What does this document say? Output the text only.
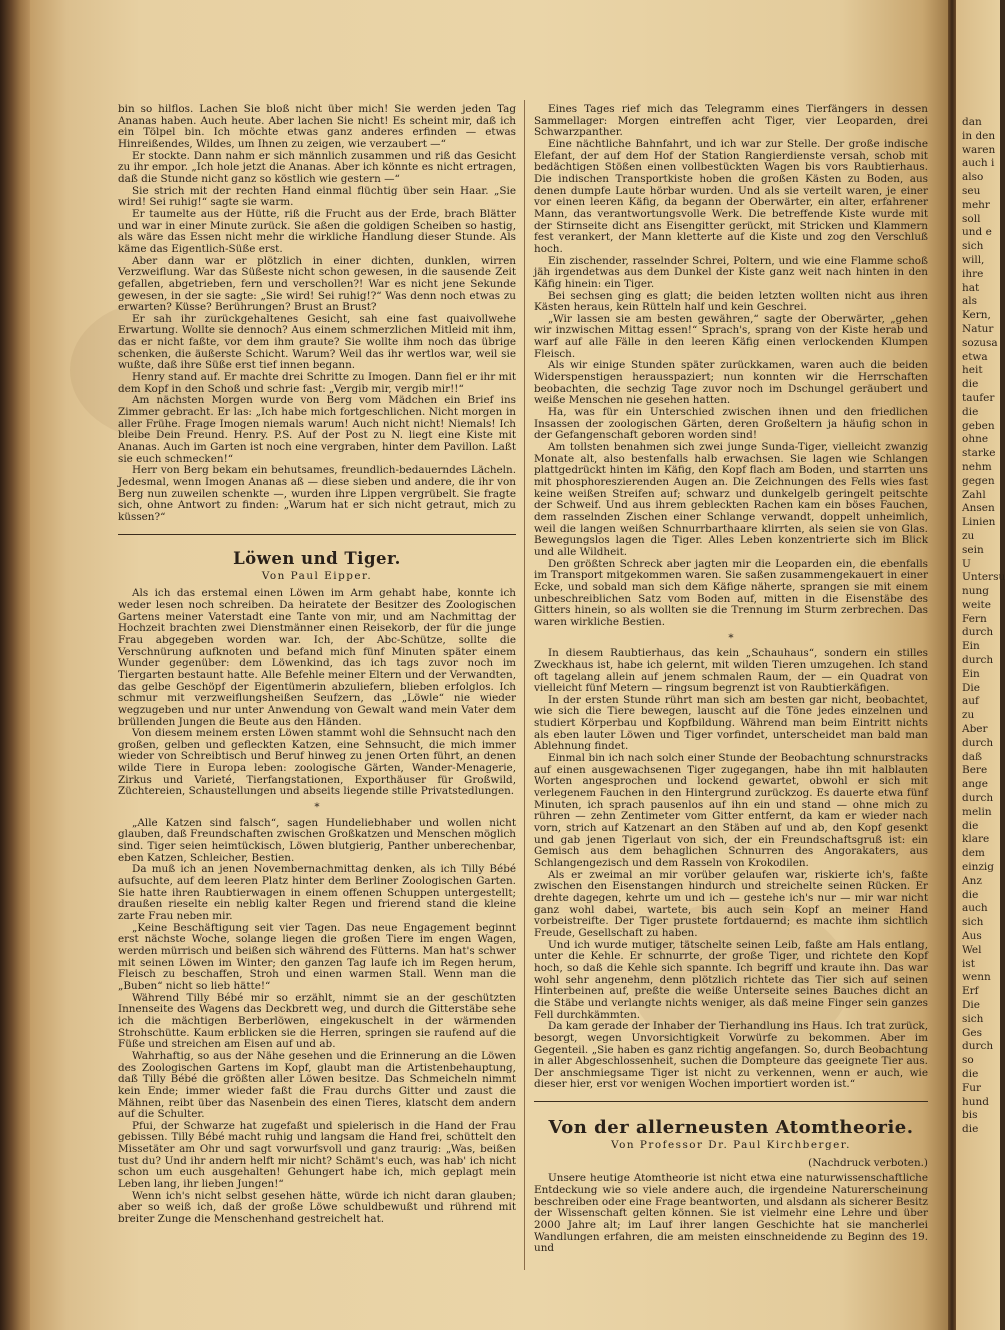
bin so hilflos. Lachen Sie bloß nicht über mich! Sie werden jeden Tag Ananas haben. Auch heute. Aber lachen Sie nicht! Es scheint mir, daß ich ein Tölpel bin. Ich möchte etwas ganz anderes erfinden — etwas Hinreißendes, Wildes, um Ihnen zu zeigen, wie verzaubert —“

Er stockte. Dann nahm er sich männlich zusammen und riß das Gesicht zu ihr empor. „Ich hole jetzt die Ananas. Aber ich könnte es nicht ertragen, daß die Stunde nicht ganz so köstlich wie gestern —“

Sie strich mit der rechten Hand einmal flüchtig über sein Haar. „Sie wird! Sei ruhig!“ sagte sie warm.

Er taumelte aus der Hütte, riß die Frucht aus der Erde, brach Blätter und war in einer Minute zurück. Sie aßen die goldigen Scheiben so hastig, als wäre das Essen nicht mehr die wirkliche Handlung dieser Stunde. Als käme das Eigentlich-Süße erst.

Aber dann war er plötzlich in einer dichten, dunklen, wirren Verzweiflung. War das Süßeste nicht schon gewesen, in die sausende Zeit gefallen, abgetrieben, fern und verschollen?! War es nicht jene Sekunde gewesen, in der sie sagte: „Sie wird! Sei ruhig!?“ Was denn noch etwas zu erwarten? Küsse? Berührungen? Brust an Brust?

Er sah ihr zurückgehaltenes Gesicht, sah eine fast quaivollwehe Erwartung. Wollte sie dennoch? Aus einem schmerzlichen Mitleid mit ihm, das er nicht faßte, vor dem ihm graute? Sie wollte ihm noch das übrige schenken, die äußerste Schicht. Warum? Weil das ihr wertlos war, weil sie wußte, daß ihre Süße erst tief innen begann.

Henry stand auf. Er machte drei Schritte zu Imogen. Dann fiel er ihr mit dem Kopf in den Schoß und schrie fast: „Vergib mir, vergib mir!!“

Am nächsten Morgen wurde von Berg vom Mädchen ein Brief ins Zimmer gebracht. Er las: „Ich habe mich fortgeschlichen. Nicht morgen in aller Frühe. Frage Imogen niemals warum! Auch nicht nicht! Niemals! Ich bleibe Dein Freund. Henry. P.S. Auf der Post zu N. liegt eine Kiste mit Ananas. Auch im Garten ist noch eine vergraben, hinter dem Pavillon. Laßt sie euch schmecken!“

Herr von Berg bekam ein behutsames, freundlich-bedauerndes Lächeln. Jedesmal, wenn Imogen Ananas aß — diese sieben und andere, die ihr von Berg nun zuweilen schenkte —, wurden ihre Lippen vergrübelt. Sie fragte sich, ohne Antwort zu finden: „Warum hat er sich nicht getraut, mich zu küssen?“

Löwen und Tiger.
Von Paul Eipper.

Als ich das erstemal einen Löwen im Arm gehabt habe, konnte ich weder lesen noch schreiben. Da heiratete der Besitzer des Zoologischen Gartens meiner Vaterstadt eine Tante von mir, und am Nachmittag der Hochzeit brachten zwei Dienstmänner einen Reisekorb, der für die junge Frau abgegeben worden war. Ich, der Abc-Schütze, sollte die Verschnürung aufknoten und befand mich fünf Minuten später einem Wunder gegenüber: dem Löwenkind, das ich tags zuvor noch im Tiergarten bestaunt hatte. Alle Befehle meiner Eltern und der Verwandten, das gelbe Geschöpf der Eigentümerin abzuliefern, blieben erfolglos. Ich schmur mit verzweiflungsheißen Seufzern, das „Löwle“ nie wieder wegzugeben und nur unter Anwendung von Gewalt wand mein Vater dem brüllenden Jungen die Beute aus den Händen.

Von diesem meinem ersten Löwen stammt wohl die Sehnsucht nach den großen, gelben und gefleckten Katzen, eine Sehnsucht, die mich immer wieder von Schreibtisch und Beruf hinweg zu jenen Orten führt, an denen wilde Tiere in Europa leben: zoologische Gärten, Wander-Menagerie, Zirkus und Varieté, Tierfangstationen, Exporthäuser für Großwild, Züchtereien, Schaustellungen und abseits liegende stille Privatstedlungen.

*

„Alle Katzen sind falsch“, sagen Hundeliebhaber und wollen nicht glauben, daß Freundschaften zwischen Großkatzen und Menschen möglich sind. Tiger seien heimtückisch, Löwen blutgierig, Panther unberechenbar, eben Katzen, Schleicher, Bestien.

Da muß ich an jenen Novembernachmittag denken, als ich Tilly Bébé aufsuchte, auf dem leeren Platz hinter dem Berliner Zoologischen Garten. Sie hatte ihren Raubtierwagen in einem offenen Schuppen untergestellt; draußen rieselte ein neblig kalter Regen und frierend stand die kleine zarte Frau neben mir.

„Keine Beschäftigung seit vier Tagen. Das neue Engagement beginnt erst nächste Woche, solange liegen die großen Tiere im engen Wagen, werden mürrisch und beißen sich während des Fütterns. Man hat's schwer mit seinen Löwen im Winter; den ganzen Tag laufe ich im Regen herum, Fleisch zu beschaffen, Stroh und einen warmen Stall. Wenn man die „Buben“ nicht so lieb hätte!“

Während Tilly Bébé mir so erzählt, nimmt sie an der geschützten Innenseite des Wagens das Deckbrett weg, und durch die Gitterstäbe sehe ich die mächtigen Berberlöwen, eingekuschelt in der wärmenden Strohschütte. Kaum erblicken sie die Herren, springen sie raufend auf die Füße und streichen am Eisen auf und ab.

Wahrhaftig, so aus der Nähe gesehen und die Erinnerung an die Löwen des Zoologischen Gartens im Kopf, glaubt man die Artistenbehauptung, daß Tilly Bébé die größten aller Löwen besitze. Das Schmeicheln nimmt kein Ende; immer wieder faßt die Frau durchs Gitter und zaust die Mähnen, reibt über das Nasenbein des einen Tieres, klatscht dem andern auf die Schulter.

Pfui, der Schwarze hat zugefaßt und spielerisch in die Hand der Frau gebissen. Tilly Bébé macht ruhig und langsam die Hand frei, schüttelt den Missetäter am Ohr und sagt vorwurfsvoll und ganz traurig: „Was, beißen tust du? Und ihr andern helft mir nicht? Schämt's euch, was hab' ich nicht schon um euch ausgehalten! Gehungert habe ich, mich geplagt mein Leben lang, ihr lieben Jungen!“

Wenn ich's nicht selbst gesehen hätte, würde ich nicht daran glauben; aber so weiß ich, daß der große Löwe schuldbewußt und rührend mit breiter Zunge die Menschenhand gestreichelt hat.

Eines Tages rief mich das Telegramm eines Tierfängers in dessen Sammellager: Morgen eintreffen acht Tiger, vier Leoparden, drei Schwarzpanther.

Eine nächtliche Bahnfahrt, und ich war zur Stelle. Der große indische Elefant, der auf dem Hof der Station Rangierdienste versah, schob mit bedächtigen Stößen einen vollbestückten Wagen bis vors Raubtierhaus. Die indischen Transportkiste hoben die großen Kästen zu Boden, aus denen dumpfe Laute hörbar wurden. Und als sie verteilt waren, je einer vor einen leeren Käfig, da begann der Oberwärter, ein alter, erfahrener Mann, das verantwortungsvolle Werk. Die betreffende Kiste wurde mit der Stirnseite dicht ans Eisengitter gerückt, mit Stricken und Klammern fest verankert, der Mann kletterte auf die Kiste und zog den Verschluß hoch.

Ein zischender, rasselnder Schrei, Poltern, und wie eine Flamme schoß jäh irgendetwas aus dem Dunkel der Kiste ganz weit nach hinten in den Käfig hinein: ein Tiger.

Bei sechsen ging es glatt; die beiden letzten wollten nicht aus ihren Kästen heraus, kein Rütteln half und kein Geschrei.

„Wir lassen sie am besten gewähren,“ sagte der Oberwärter, „gehen wir inzwischen Mittag essen!“ Sprach's, sprang von der Kiste herab und warf auf alle Fälle in den leeren Käfig einen verlockenden Klumpen Fleisch.

Als wir einige Stunden später zurückkamen, waren auch die beiden Widerspenstigen herausspaziert; nun konnten wir die Herrschaften beobachten, die sechzig Tage zuvor noch im Dschungel geräubert und weiße Menschen nie gesehen hatten.

Ha, was für ein Unterschied zwischen ihnen und den friedlichen Insassen der zoologischen Gärten, deren Großeltern ja häufig schon in der Gefangenschaft geboren worden sind!

Am tollsten benahmen sich zwei junge Sunda-Tiger, vielleicht zwanzig Monate alt, also bestenfalls halb erwachsen. Sie lagen wie Schlangen plattgedrückt hinten im Käfig, den Kopf flach am Boden, und starrten uns mit phosphoreszierenden Augen an. Die Zeichnungen des Fells wies fast keine weißen Streifen auf; schwarz und dunkelgelb geringelt peitschte der Schweif. Und aus ihrem gebleckten Rachen kam ein böses Fauchen, dem rasselnden Zischen einer Schlange verwandt, doppelt unheimlich, weil die langen weißen Schnurrbarthaare klirrten, als seien sie von Glas. Bewegungslos lagen die Tiger. Alles Leben konzentrierte sich im Blick und alle Wildheit.

Den größten Schreck aber jagten mir die Leoparden ein, die ebenfalls im Transport mitgekommen waren. Sie saßen zusammengekauert in einer Ecke, und sobald man sich dem Käfige näherte, sprangen sie mit einem unbeschreiblichen Satz vom Boden auf, mitten in die Eisenstäbe des Gitters hinein, so als wollten sie die Trennung im Sturm zerbrechen. Das waren wirkliche Bestien.

*

In diesem Raubtierhaus, das kein „Schauhaus“, sondern ein stilles Zweckhaus ist, habe ich gelernt, mit wilden Tieren umzugehen. Ich stand oft tagelang allein auf jenem schmalen Raum, der — ein Quadrat von vielleicht fünf Metern — ringsum begrenzt ist von Raubtierkäfigen.

In der ersten Stunde rührt man sich am besten gar nicht, beobachtet, wie sich die Tiere bewegen, lauscht auf die Töne jedes einzelnen und studiert Körperbau und Kopfbildung. Während man beim Eintritt nichts als eben lauter Löwen und Tiger vorfindet, unterscheidet man bald man Ablehnung findet.

Einmal bin ich nach solch einer Stunde der Beobachtung schnurstracks auf einen ausgewachsenen Tiger zugegangen, habe ihn mit halblauten Worten angesprochen und lockend gewartet, obwohl er sich mit verlegenem Fauchen in den Hintergrund zurückzog. Es dauerte etwa fünf Minuten, ich sprach pausenlos auf ihn ein und stand — ohne mich zu rühren — zehn Zentimeter vom Gitter entfernt, da kam er wieder nach vorn, strich auf Katzenart an den Stäben auf und ab, den Kopf gesenkt und gab jenen Tigerlaut von sich, der ein Freundschaftsgruß ist: ein Gemisch aus dem behaglichen Schnurren des Angorakaters, aus Schlangengezisch und dem Rasseln von Krokodilen.

Als er zweimal an mir vorüber gelaufen war, riskierte ich's, faßte zwischen den Eisenstangen hindurch und streichelte seinen Rücken. Er drehte dagegen, kehrte um und ich — gestehe ich's nur — mir war nicht ganz wohl dabei, wartete, bis auch sein Kopf an meiner Hand vorbeistreifte. Der Tiger prustete fortdauernd; es machte ihm sichtlich Freude, Gesellschaft zu haben.

Und ich wurde mutiger, tätschelte seinen Leib, faßte am Hals entlang, unter die Kehle. Er schnurrte, der große Tiger, und richtete den Kopf hoch, so daß die Kehle sich spannte. Ich begriff und kraute ihn. Das war wohl sehr angenehm, denn plötzlich richtete das Tier sich auf seinen Hinterbeinen auf, preßte die weiße Unterseite seines Bauches dicht an die Stäbe und verlangte nichts weniger, als daß meine Finger sein ganzes Fell durchkämmten.

Da kam gerade der Inhaber der Tierhandlung ins Haus. Ich trat zurück, besorgt, wegen Unvorsichtigkeit Vorwürfe zu bekommen. Aber im Gegenteil. „Sie haben es ganz richtig angefangen. So, durch Beobachtung in aller Abgeschlossenheit, suchen die Dompteure das geeignete Tier aus. Der anschmiegsame Tiger ist nicht zu verkennen, wenn er auch, wie dieser hier, erst vor wenigen Wochen importiert worden ist.“

Von der allerneusten Atomtheorie.
Von Professor Dr. Paul Kirchberger.
(Nachdruck verboten.)

Unsere heutige Atomtheorie ist nicht etwa eine naturwissenschaftliche Entdeckung wie so viele andere auch, die irgendeine Naturerscheinung beschreiben oder eine Frage beantworten, und alsdann als sicherer Besitz der Wissenschaft gelten können. Sie ist vielmehr eine Lehre und über 2000 Jahre alt; im Lauf ihrer langen Geschichte hat sie mancherlei Wandlungen erfahren, die am meisten einschneidende zu Beginn des 19. und

dan
in den
waren
auch i
also
seu
mehr
soll
und e
sich
will,
ihre
hat
als
Kern,
Natur
sozusa
etwa
heit
die
taufer
die
geben
ohne
starke
nehm
gegen
Zahl
Ansen
Linien
zu
sein
U
Untersu
nung
weite
Fern
durch
Ein
durch
Ein
Die
auf
zu
Aber
durch
daß
Bere
ange
durch
melin
die
klare
dem
einzig
Anz
die
auch
sich
Aus
Wel
ist
wenn
Erf
Die
sich
Ges
durch
so
die
Fur
hund
bis
die
